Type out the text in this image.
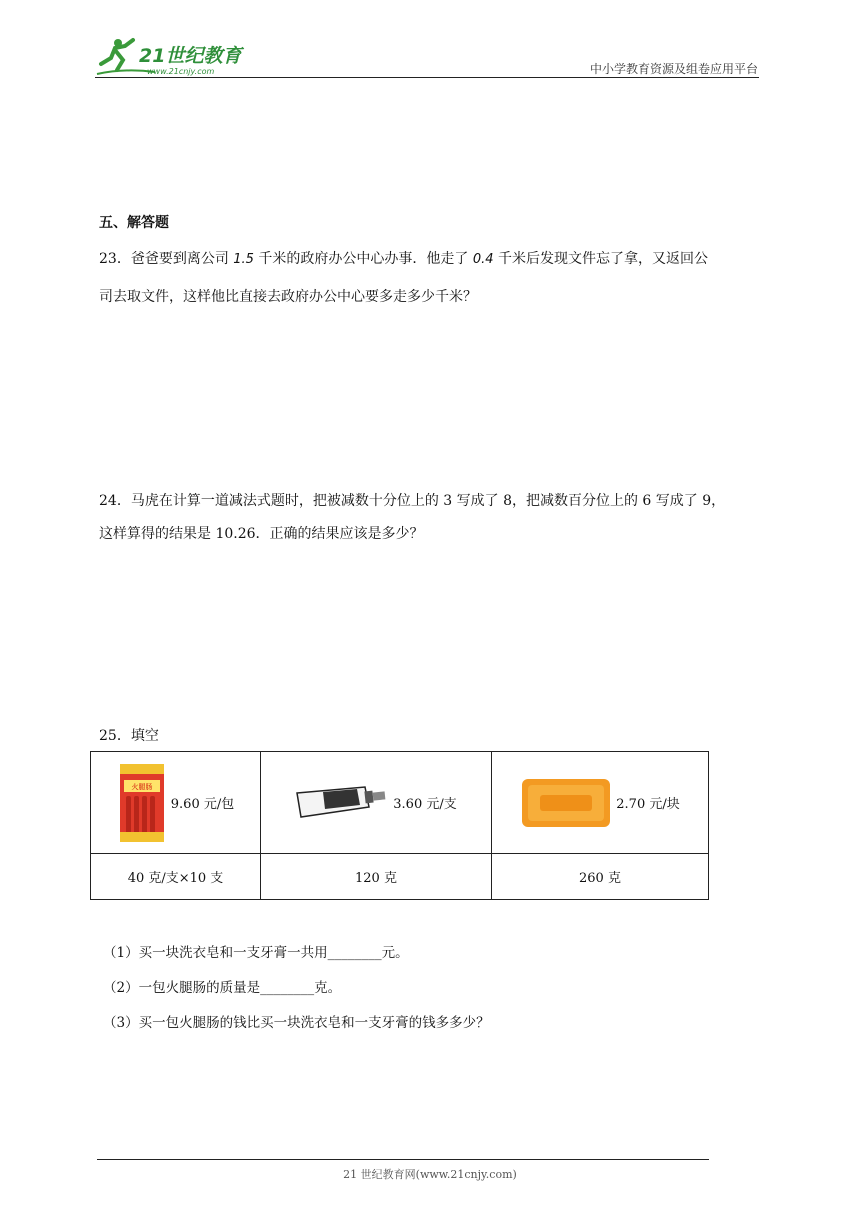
21世纪教育
www.21cnjy.com	中小学教育资源及组卷应用平台
五、解答题
23．爸爸要到离公司 1.5 千米的政府办公中心办事．他走了 0.4 千米后发现文件忘了拿，又返回公
司去取文件，这样他比直接去政府办公中心要多走多少千米？
24．马虎在计算一道减法式题时，把被减数十分位上的 3 写成了 8，把减数百分位上的 6 写成了 9，
这样算得的结果是 10.26．正确的结果应该是多少？
25．填空
火腿肠
9.60 元/包	3.60 元/支	2.70 元/块

40 克/支×10 支	120 克	260 克
（1）买一块洗衣皂和一支牙膏一共用________元。
（2）一包火腿肠的质量是________克。
（3）买一包火腿肠的钱比买一块洗衣皂和一支牙膏的钱多多少？
21 世纪教育网(www.21cnjy.com)
